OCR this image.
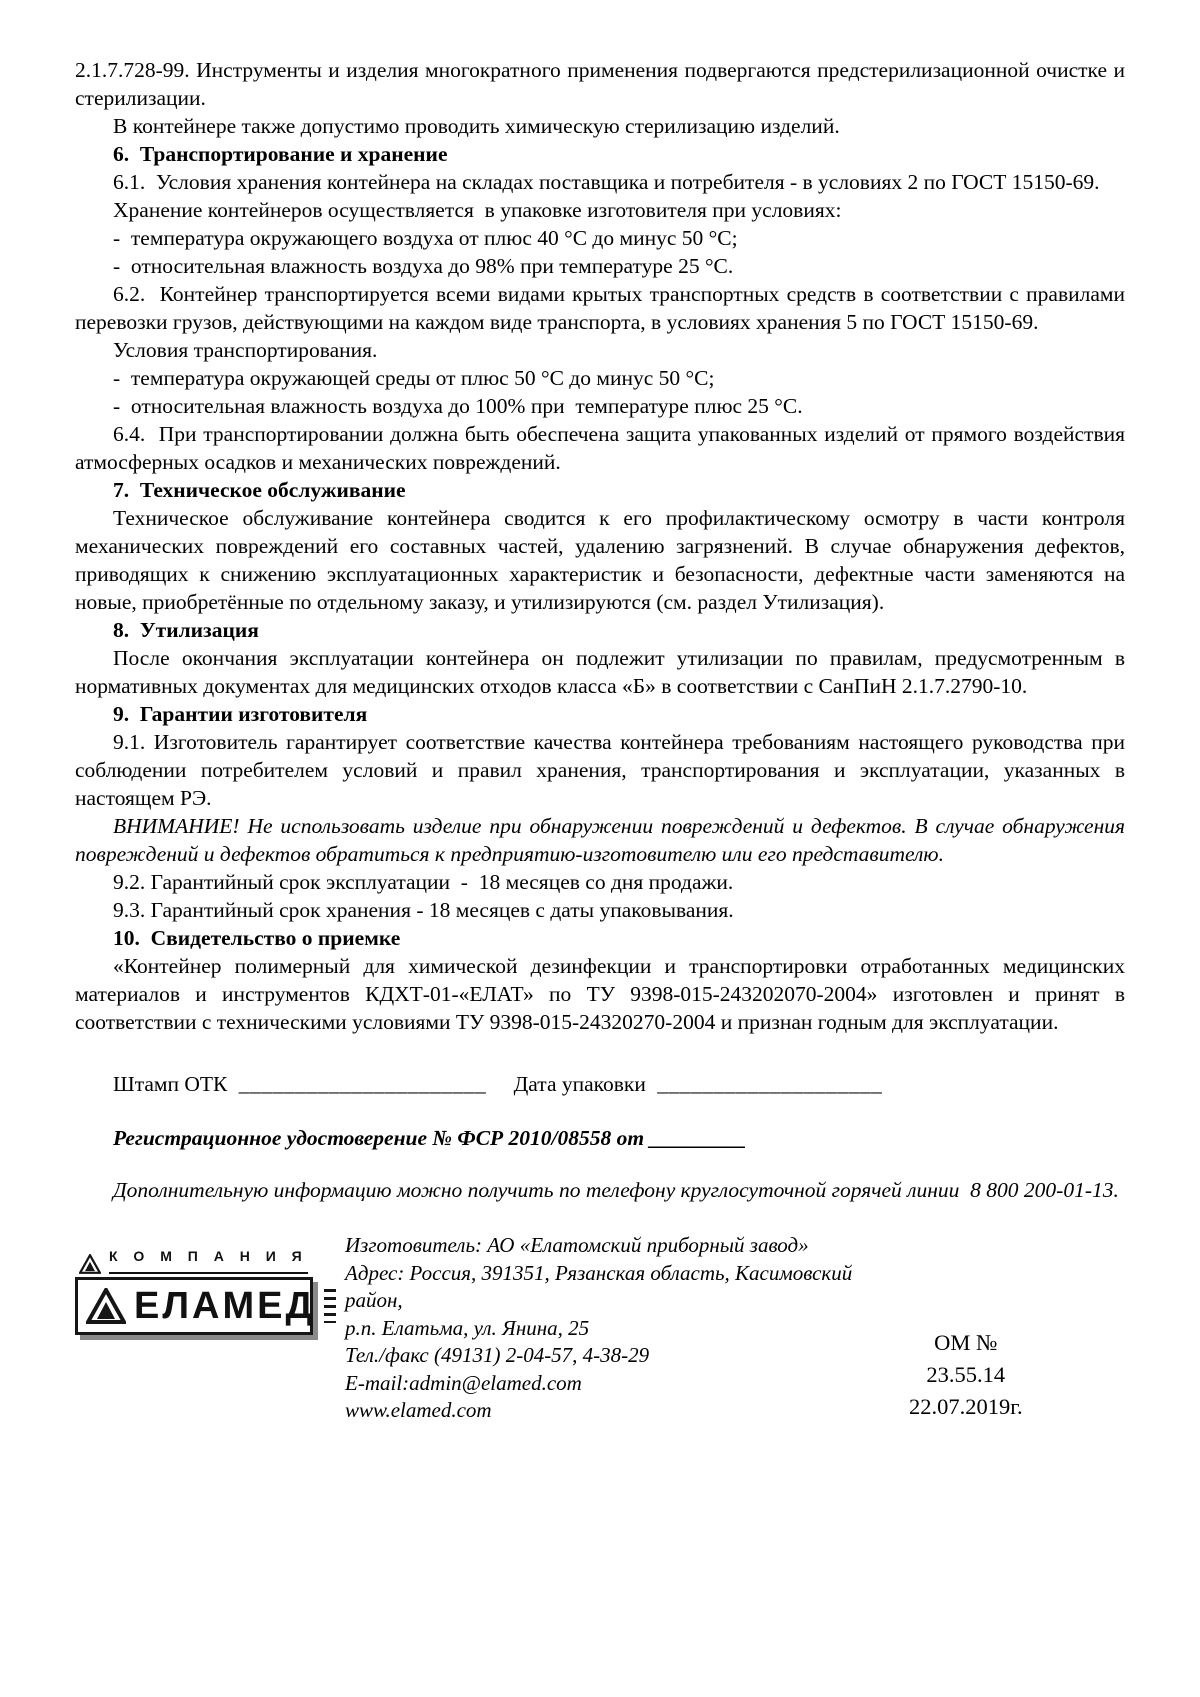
2.1.7.728-99. Инструменты и изделия многократного применения подвергаются предстерилизационной очистке и стерилизации.

В контейнере также допустимо проводить химическую стерилизацию изделий.

6.  Транспортирование и хранение

6.1.  Условия хранения контейнера на складах поставщика и потребителя - в условиях 2 по ГОСТ 15150-69.

Хранение контейнеров осуществляется  в упаковке изготовителя при условиях:

-  температура окружающего воздуха от плюс 40 °С до минус 50 °С;

-  относительная влажность воздуха до 98% при температуре 25 °С.

6.2.  Контейнер транспортируется всеми видами крытых транспортных средств в соответствии с правилами перевозки грузов, действующими на каждом виде транспорта, в условиях хранения 5 по ГОСТ 15150-69.

Условия транспортирования.

-  температура окружающей среды от плюс 50 °С до минус 50 °С;

-  относительная влажность воздуха до 100% при  температуре плюс 25 °С.

6.4.  При транспортировании должна быть обеспечена защита упакованных изделий от прямого воздействия атмосферных осадков и механических повреждений.

7.  Техническое обслуживание

Техническое обслуживание контейнера сводится к его профилактическому осмотру в части контроля механических повреждений его составных частей, удалению загрязнений. В случае обнаружения дефектов, приводящих к снижению эксплуатационных характеристик и безопасности, дефектные части заменяются на новые, приобретённые по отдельному заказу, и утилизируются (см. раздел Утилизация).

8.  Утилизация

После окончания эксплуатации контейнера он подлежит утилизации по правилам, предусмотренным в нормативных документах для медицинских отходов класса «Б» в соответствии с СанПиН 2.1.7.2790-10.

9.  Гарантии изготовителя

9.1. Изготовитель гарантирует соответствие качества контейнера требованиям настоящего руководства при соблюдении потребителем условий и правил хранения, транспортирования и эксплуатации, указанных в настоящем РЭ.

ВНИМАНИЕ! Не использовать изделие при обнаружении повреждений и дефектов. В случае обнаружения повреждений и дефектов обратиться к предприятию-изготовителю или его представителю.

9.2. Гарантийный срок эксплуатации  -  18 месяцев со дня продажи.

9.3. Гарантийный срок хранения - 18 месяцев с даты упаковывания.

10.  Свидетельство о приемке

«Контейнер полимерный для химической дезинфекции и транспортировки отработанных медицинских материалов и инструментов КДХТ-01-«ЕЛАТ» по ТУ 9398-015-243202070-2004» изготовлен и принят в соответствии с техническими условиями ТУ 9398-015-24320270-2004 и признан годным для эксплуатации.

Штамп ОТК ______________________ Дата упаковки ____________________

Регистрационное удостоверение № ФСР 2010/08558 от _________

Дополнительную информацию можно получить по телефону круглосуточной горячей линии  8 800 200-01-13.

К О М П А Н И Я
ЕЛАМЕД
Изготовитель: АО «Елатомский приборный завод»
Адрес: Россия, 391351, Рязанская область, Касимовский район,
р.п. Елатьма, ул. Янина, 25
Тел./факс (49131) 2-04-57, 4-38-29
E-mail:admin@elamed.com
www.elamed.com
ОМ № 23.55.14
22.07.2019г.
